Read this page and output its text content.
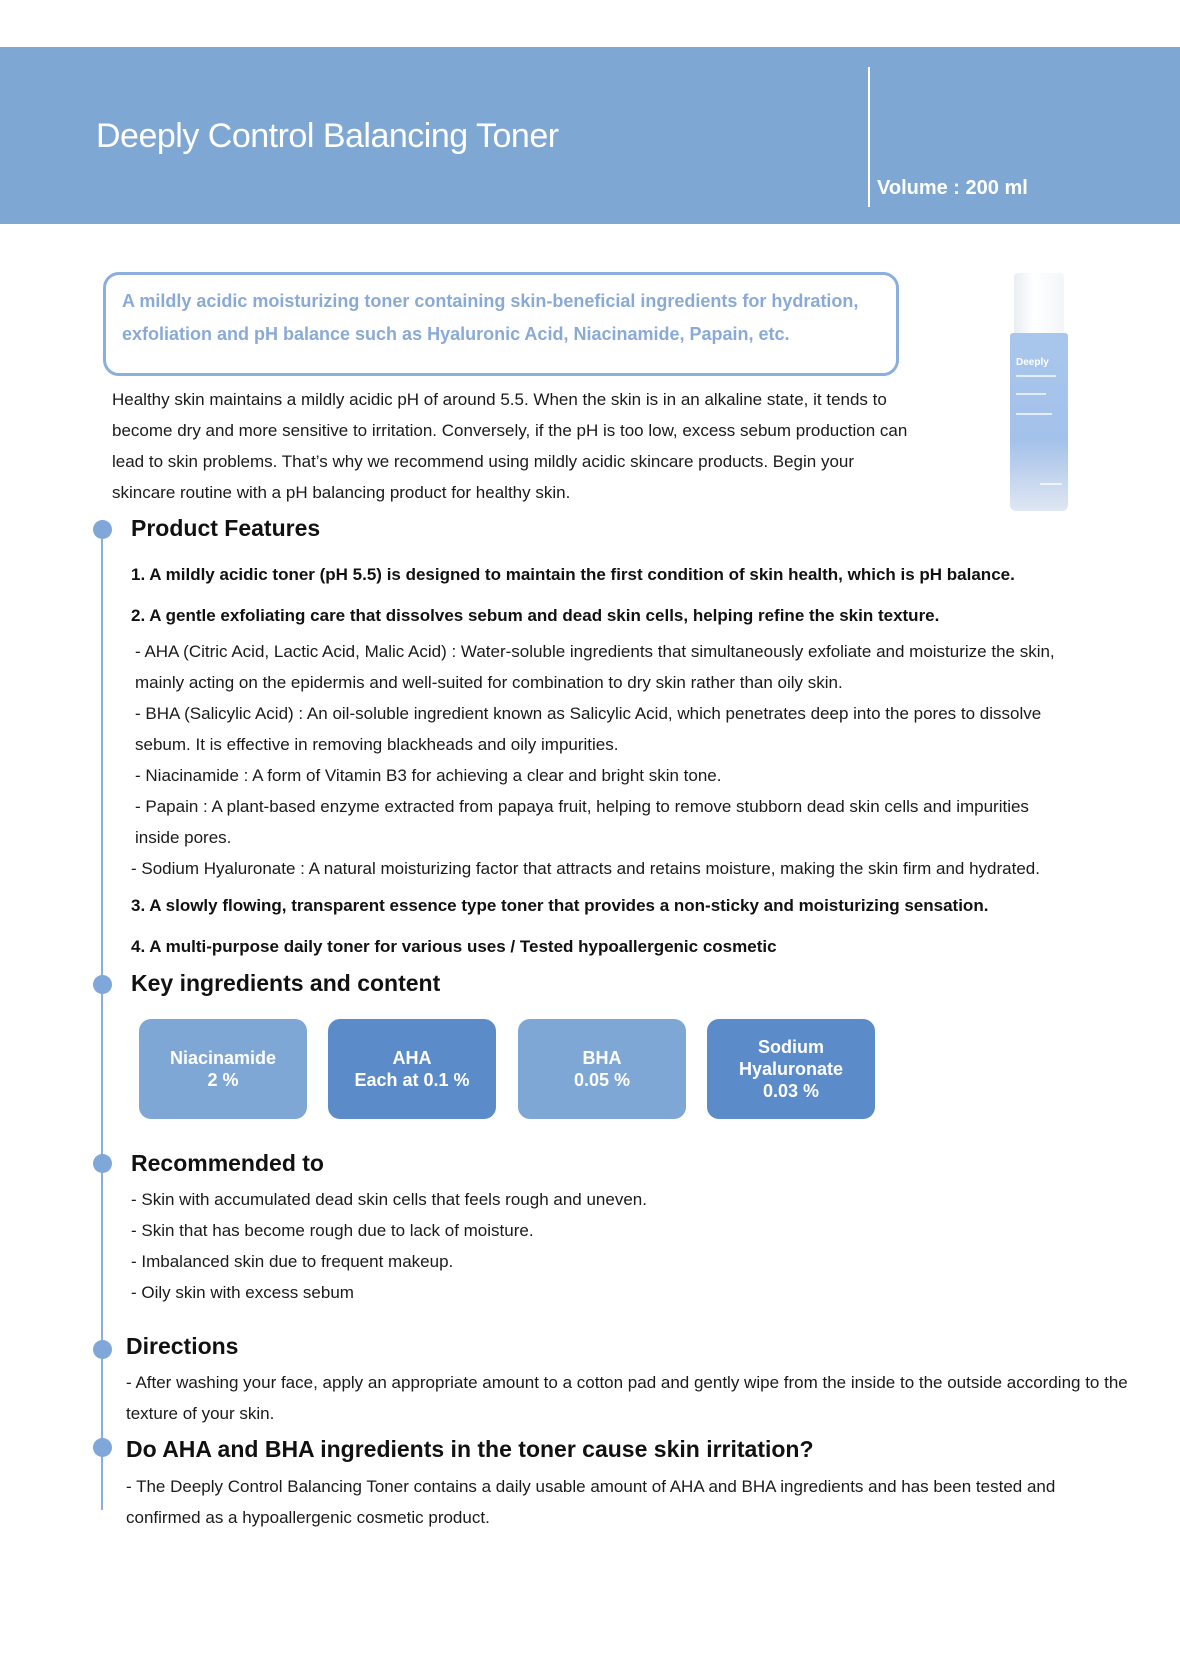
Deeply Control Balancing Toner
Volume : 200 ml

A mildly acidic moisturizing toner containing skin-beneficial ingredients for hydration, exfoliation and pH balance such as Hyaluronic Acid, Niacinamide, Papain, etc.

Healthy skin maintains a mildly acidic pH of around 5.5. When the skin is in an alkaline state, it tends to become dry and more sensitive to irritation. Conversely, if the pH is too low, excess sebum production can lead to skin problems. That’s why we recommend using mildly acidic skincare products. Begin your skincare routine with a pH balancing product for healthy skin.

Deeply
Product Features

1. A mildly acidic toner (pH 5.5) is designed to maintain the first condition of skin health, which is pH balance.

2. A gentle exfoliating care that dissolves sebum and dead skin cells, helping refine the skin texture.

- AHA (Citric Acid, Lactic Acid, Malic Acid) : Water-soluble ingredients that simultaneously exfoliate and moisturize the skin, mainly acting on the epidermis and well-suited for combination to dry skin rather than oily skin.

- BHA (Salicylic Acid) : An oil-soluble ingredient known as Salicylic Acid, which penetrates deep into the pores to dissolve sebum. It is effective in removing blackheads and oily impurities.

- Niacinamide : A form of Vitamin B3 for achieving a clear and bright skin tone.

- Papain : A plant-based enzyme extracted from papaya fruit, helping to remove stubborn dead skin cells and impurities inside pores.

- Sodium Hyaluronate : A natural moisturizing factor that attracts and retains moisture, making the skin firm and hydrated.

3. A slowly flowing, transparent essence type toner that provides a non-sticky and moisturizing sensation.

4. A multi-purpose daily toner for various uses / Tested hypoallergenic cosmetic

Key ingredients and content
Niacinamide
2 %
AHA
Each at 0.1 %
BHA
0.05 %
Sodium Hyaluronate
0.03 %
Recommended to

- Skin with accumulated dead skin cells that feels rough and uneven.

- Skin that has become rough due to lack of moisture.

- Imbalanced skin due to frequent makeup.

- Oily skin with excess sebum

Directions

- After washing your face, apply an appropriate amount to a cotton pad and gently wipe from the inside to the outside according to the texture of your skin.

Do AHA and BHA ingredients in the toner cause skin irritation?

- The Deeply Control Balancing Toner contains a daily usable amount of AHA and BHA ingredients and has been tested and confirmed as a hypoallergenic cosmetic product.
